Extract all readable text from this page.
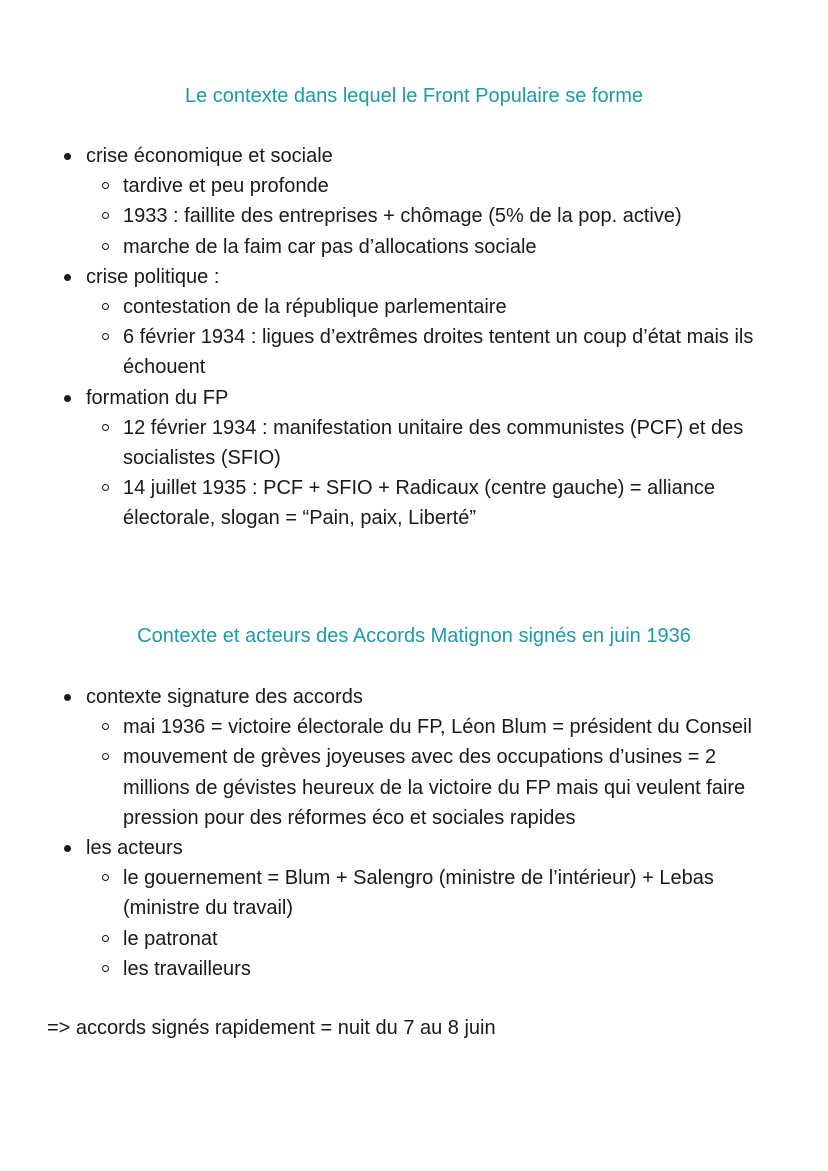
Le contexte dans lequel le Front Populaire se forme
crise économique et sociale
tardive et peu profonde
1933 : faillite des entreprises + chômage (5% de la pop. active)
marche de la faim car pas d’allocations sociale
crise politique :
contestation de la république parlementaire
6 février 1934 : ligues d’extrêmes droites tentent un coup d’état mais ils échouent
formation du FP
12 février 1934 : manifestation unitaire des communistes (PCF) et des socialistes (SFIO)
14 juillet 1935 : PCF + SFIO + Radicaux (centre gauche) = alliance électorale, slogan = “Pain, paix, Liberté”
Contexte et acteurs des Accords Matignon signés en juin 1936
contexte signature des accords
mai 1936 = victoire électorale du FP, Léon Blum = président du Conseil
mouvement de grèves joyeuses avec des occupations d’usines = 2 millions de gévistes heureux de la victoire du FP mais qui veulent faire pression pour des réformes éco et sociales rapides
les acteurs
le gouernement = Blum + Salengro (ministre de l’intérieur) + Lebas (ministre du travail)
le patronat
les travailleurs
=> accords signés rapidement = nuit du 7 au 8 juin
